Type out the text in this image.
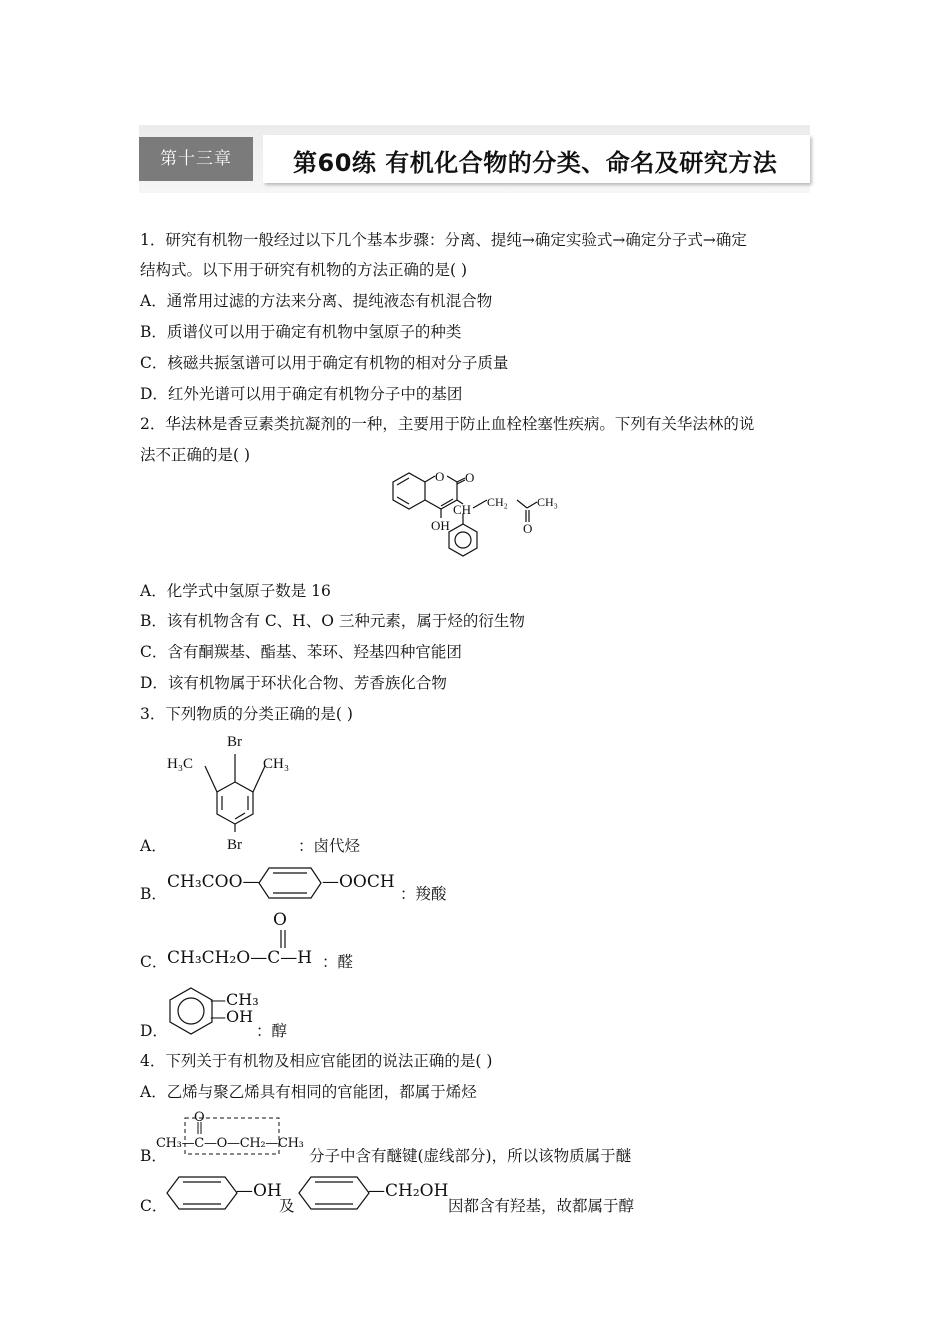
第十三章	第60练 有机化合物的分类、命名及研究方法
1．研究有机物一般经过以下几个基本步骤：分离、提纯→确定实验式→确定分子式→确定
结构式。以下用于研究有机物的方法正确的是( )
A．通常用过滤的方法来分离、提纯液态有机混合物
B．质谱仪可以用于确定有机物中氢原子的种类
C．核磁共振氢谱可以用于确定有机物的相对分子质量
D．红外光谱可以用于确定有机物分子中的基团
2．华法林是香豆素类抗凝剂的一种，主要用于防止血栓栓塞性疾病。下列有关华法林的说
法不正确的是( )
O O
OH
CH CH₂ CH₃
O
A．化学式中氢原子数是 16
B．该有机物含有 C、H、O 三种元素，属于烃的衍生物
C．含有酮羰基、酯基、苯环、羟基四种官能团
D．该有机物属于环状化合物、芳香族化合物
3．下列物质的分类正确的是( )
Br
H₃C	CH₃
Br
A．	：卤代烃
B．
CH₃COO—	—OOCH
：羧酸
C．
O
CH₃CH₂O—C—H ：醛
D．
—CH₃
—OH
：醇
4．下列关于有机物及相应官能团的说法正确的是( )
A．乙烯与聚乙烯具有相同的官能团，都属于烯烃
B．
O
CH₃—C—O—CH₂—CH₃
分子中含有醚键(虚线部分)，所以该物质属于醚
C．
—OH
及
—CH₂OH
因都含有羟基，故都属于醇
